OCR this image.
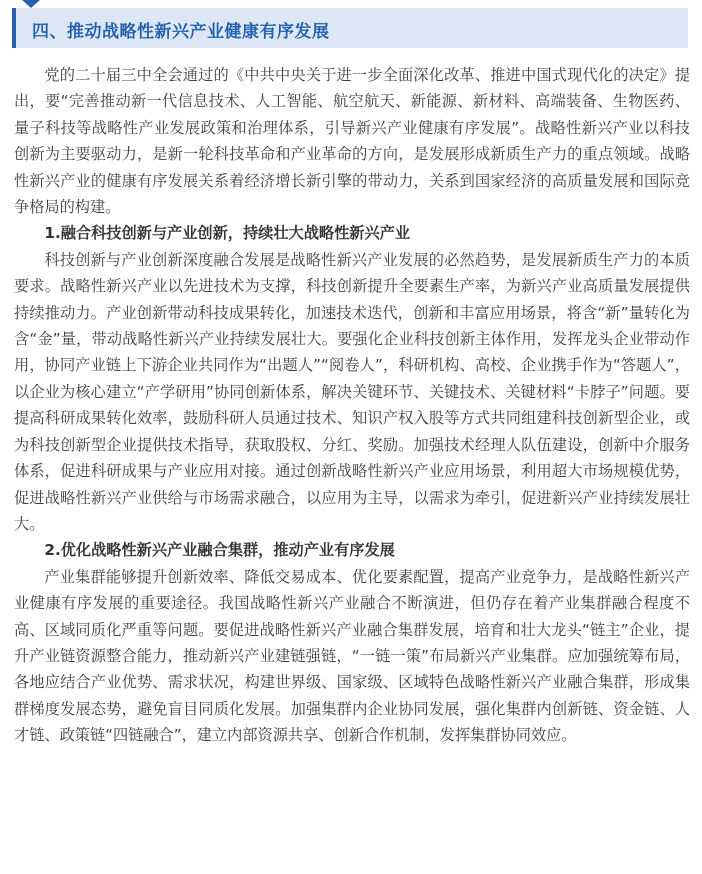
四、推动战略性新兴产业健康有序发展

党的二十届三中全会通过的《中共中央关于进一步全面深化改革、推进中国式现代化的决定》提出，要“完善推动新一代信息技术、人工智能、航空航天、新能源、新材料、高端装备、生物医药、量子科技等战略性产业发展政策和治理体系，引导新兴产业健康有序发展”。战略性新兴产业以科技创新为主要驱动力，是新一轮科技革命和产业革命的方向，是发展形成新质生产力的重点领域。战略性新兴产业的健康有序发展关系着经济增长新引擎的带动力，关系到国家经济的高质量发展和国际竞争格局的构建。

1.融合科技创新与产业创新，持续壮大战略性新兴产业

科技创新与产业创新深度融合发展是战略性新兴产业发展的必然趋势，是发展新质生产力的本质要求。战略性新兴产业以先进技术为支撑，科技创新提升全要素生产率，为新兴产业高质量发展提供持续推动力。产业创新带动科技成果转化，加速技术迭代，创新和丰富应用场景，将含“新”量转化为含“金”量，带动战略性新兴产业持续发展壮大。要强化企业科技创新主体作用，发挥龙头企业带动作用，协同产业链上下游企业共同作为“出题人”“阅卷人”，科研机构、高校、企业携手作为“答题人”，以企业为核心建立“产学研用”协同创新体系，解决关键环节、关键技术、关键材料“卡脖子”问题。要提高科研成果转化效率，鼓励科研人员通过技术、知识产权入股等方式共同组建科技创新型企业，或为科技创新型企业提供技术指导，获取股权、分红、奖励。加强技术经理人队伍建设，创新中介服务体系，促进科研成果与产业应用对接。通过创新战略性新兴产业应用场景，利用超大市场规模优势，促进战略性新兴产业供给与市场需求融合，以应用为主导，以需求为牵引，促进新兴产业持续发展壮大。

2.优化战略性新兴产业融合集群，推动产业有序发展

产业集群能够提升创新效率、降低交易成本、优化要素配置，提高产业竞争力，是战略性新兴产业健康有序发展的重要途径。我国战略性新兴产业融合不断演进，但仍存在着产业集群融合程度不高、区域同质化严重等问题。要促进战略性新兴产业融合集群发展，培育和壮大龙头“链主”企业，提升产业链资源整合能力，推动新兴产业建链强链，“一链一策”布局新兴产业集群。应加强统筹布局，各地应结合产业优势、需求状况，构建世界级、国家级、区域特色战略性新兴产业融合集群，形成集群梯度发展态势，避免盲目同质化发展。加强集群内企业协同发展，强化集群内创新链、资金链、人才链、政策链“四链融合”，建立内部资源共享、创新合作机制，发挥集群协同效应。
